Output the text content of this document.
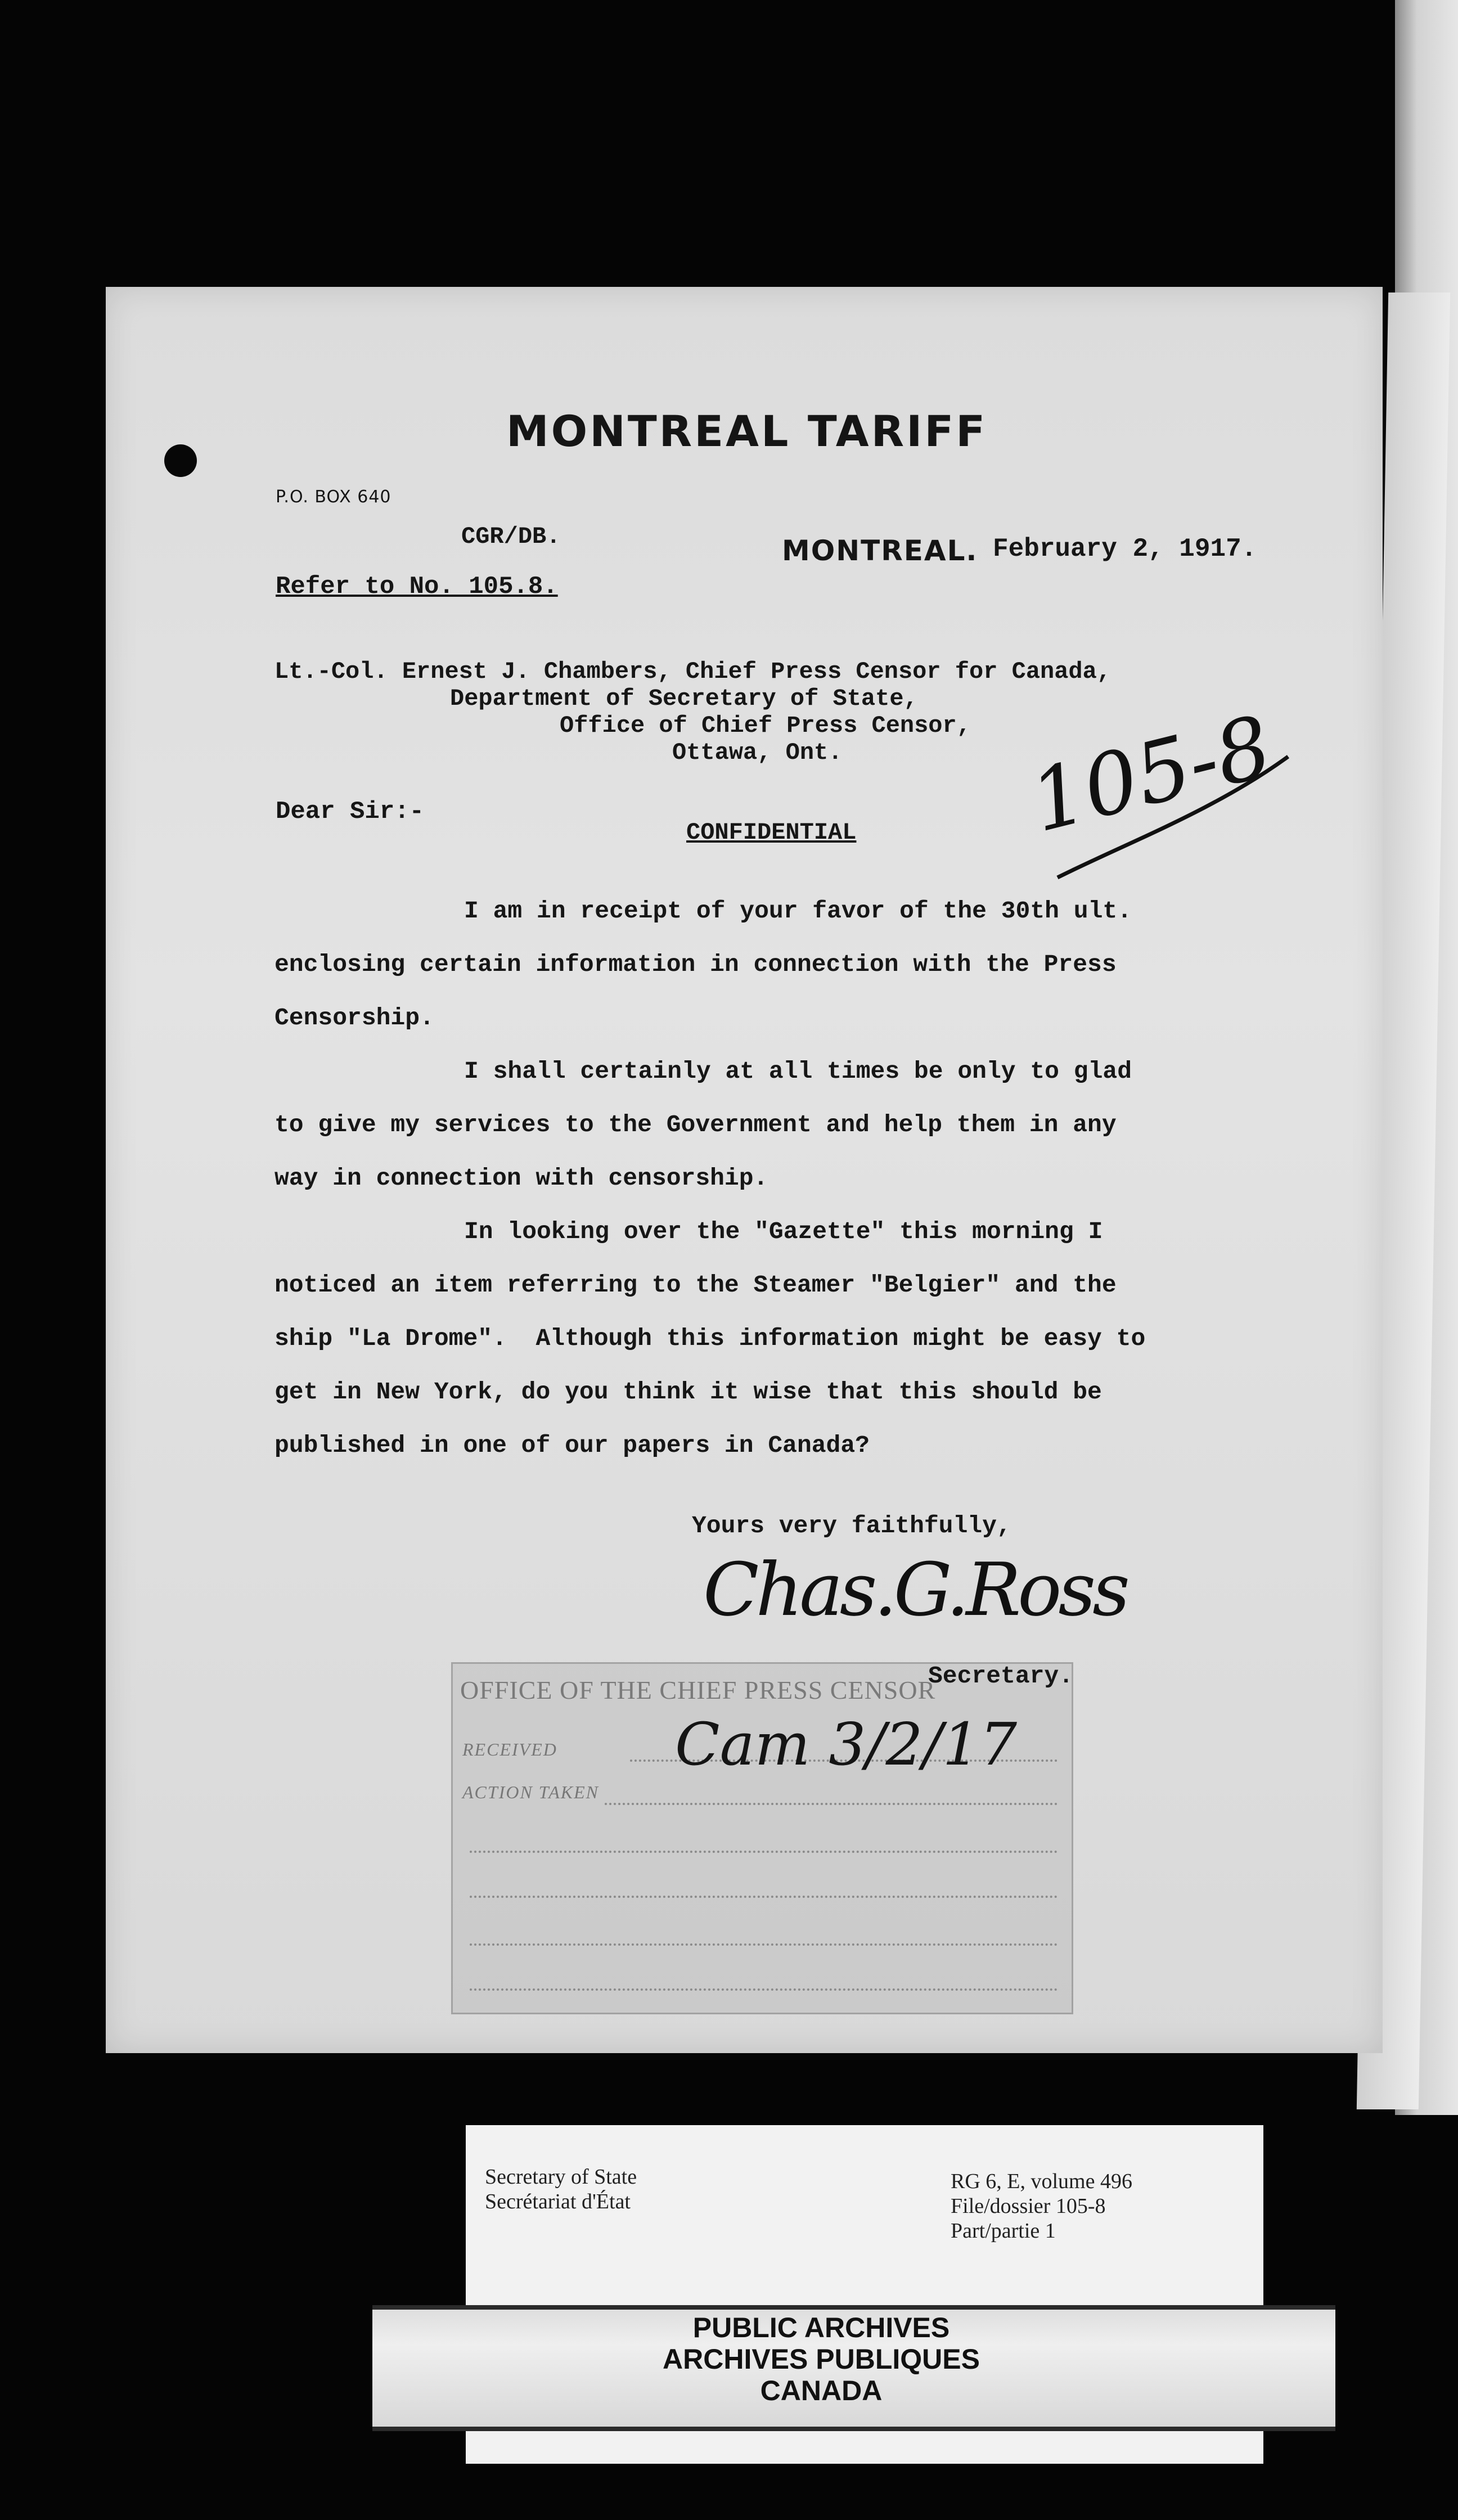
MONTREAL TARIFF
P.O. BOX 640
CGR/DB.	MONTREAL. February 2, 1917.
Refer to No. 105.8.
105-8
Lt.-Col. Ernest J. Chambers, Chief Press Censor for Canada,
Department of Secretary of State,
Office of Chief Press Censor,
Ottawa, Ont.
Dear Sir:-
CONFIDENTIAL
I am in receipt of your favor of the 30th ult.
enclosing certain information in connection with the Press
Censorship.
I shall certainly at all times be only to glad
to give my services to the Government and help them in any
way in connection with censorship.
In looking over the "Gazette" this morning I
noticed an item referring to the Steamer "Belgier" and the
ship "La Drome".  Although this information might be easy to
get in New York, do you think it wise that this should be
published in one of our papers in Canada?
Yours very faithfully,
OFFICE OF THE CHIEF PRESS CENSOR
RECEIVED
ACTION TAKEN
Cam 3/2/17
Chas.G.Ross
Secretary.
Secretary of State
Secrétariat d'État
RG 6, E, volume 496
File/dossier 105-8
Part/partie 1
PUBLIC ARCHIVES
ARCHIVES PUBLIQUES
CANADA
